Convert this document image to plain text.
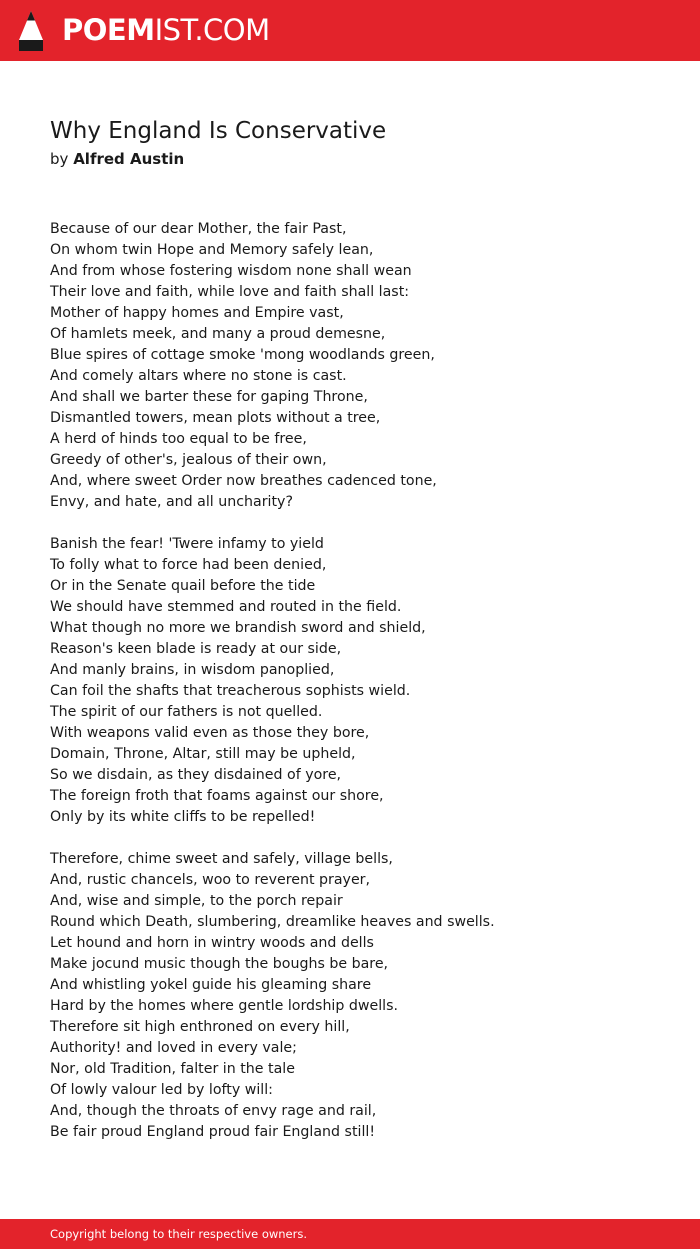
POEMIST.COM
Why England Is Conservative
by Alfred Austin
Because of our dear Mother, the fair Past,
On whom twin Hope and Memory safely lean,
And from whose fostering wisdom none shall wean
Their love and faith, while love and faith shall last:
Mother of happy homes and Empire vast,
Of hamlets meek, and many a proud demesne,
Blue spires of cottage smoke 'mong woodlands green,
And comely altars where no stone is cast.
And shall we barter these for gaping Throne,
Dismantled towers, mean plots without a tree,
A herd of hinds too equal to be free,
Greedy of other's, jealous of their own,
And, where sweet Order now breathes cadenced tone,
Envy, and hate, and all uncharity?
Banish the fear! 'Twere infamy to yield
To folly what to force had been denied,
Or in the Senate quail before the tide
We should have stemmed and routed in the field.
What though no more we brandish sword and shield,
Reason's keen blade is ready at our side,
And manly brains, in wisdom panoplied,
Can foil the shafts that treacherous sophists wield.
The spirit of our fathers is not quelled.
With weapons valid even as those they bore,
Domain, Throne, Altar, still may be upheld,
So we disdain, as they disdained of yore,
The foreign froth that foams against our shore,
Only by its white cliffs to be repelled!
Therefore, chime sweet and safely, village bells,
And, rustic chancels, woo to reverent prayer,
And, wise and simple, to the porch repair
Round which Death, slumbering, dreamlike heaves and swells.
Let hound and horn in wintry woods and dells
Make jocund music though the boughs be bare,
And whistling yokel guide his gleaming share
Hard by the homes where gentle lordship dwells.
Therefore sit high enthroned on every hill,
Authority! and loved in every vale;
Nor, old Tradition, falter in the tale
Of lowly valour led by lofty will:
And, though the throats of envy rage and rail,
Be fair proud England proud fair England still!
Copyright belong to their respective owners.
